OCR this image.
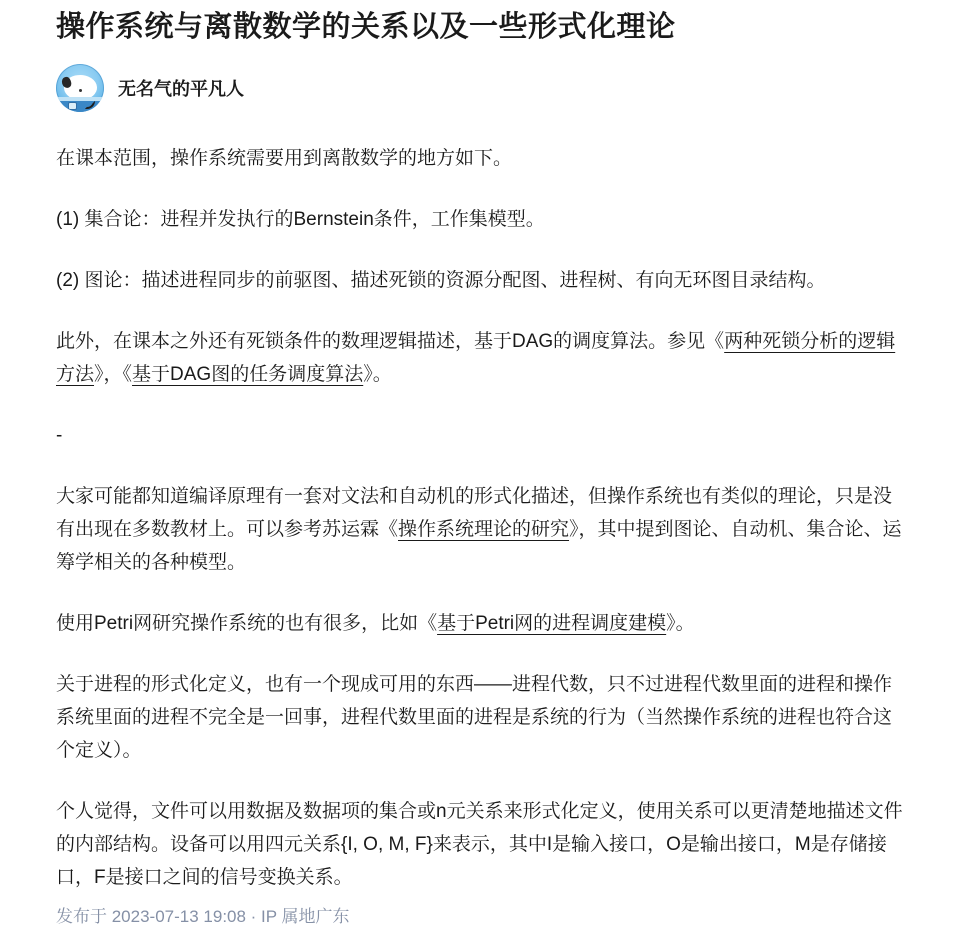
操作系统与离散数学的关系以及一些形式化理论
无名气的平凡人

在课本范围，操作系统需要用到离散数学的地方如下。

(1) 集合论：进程并发执行的Bernstein条件，工作集模型。

(2) 图论：描述进程同步的前驱图、描述死锁的资源分配图、进程树、有向无环图目录结构。

此外，在课本之外还有死锁条件的数理逻辑描述，基于DAG的调度算法。参见《两种死锁分析的逻辑方法》，《基于DAG图的任务调度算法》。

-

大家可能都知道编译原理有一套对文法和自动机的形式化描述，但操作系统也有类似的理论，只是没有出现在多数教材上。可以参考苏运霖《操作系统理论的研究》，其中提到图论、自动机、集合论、运筹学相关的各种模型。

使用Petri网研究操作系统的也有很多，比如《基于Petri网的进程调度建模》。

关于进程的形式化定义，也有一个现成可用的东西——进程代数，只不过进程代数里面的进程和操作系统里面的进程不完全是一回事，进程代数里面的进程是系统的行为（当然操作系统的进程也符合这个定义）。

个人觉得，文件可以用数据及数据项的集合或n元关系来形式化定义，使用关系可以更清楚地描述文件的内部结构。设备可以用四元关系{I, O, M, F}来表示，其中I是输入接口，O是输出接口，M是存储接口，F是接口之间的信号变换关系。

发布于 2023-07-13 19:08 · IP 属地广东
